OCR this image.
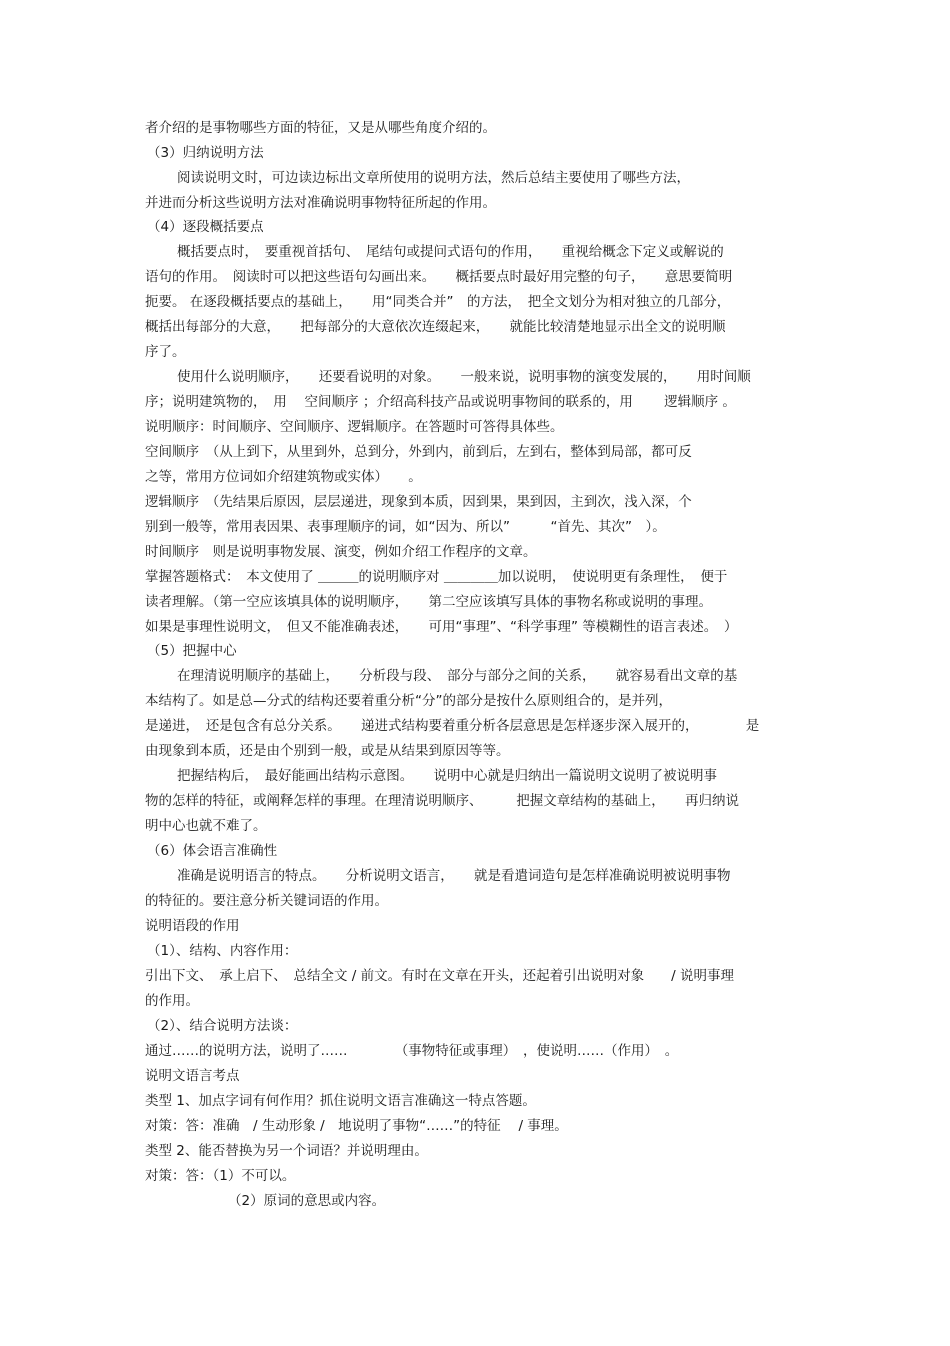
者介绍的是事物哪些方面的特征，又是从哪些角度介绍的。
（3）归纳说明方法
阅读说明文时，可边读边标出文章所使用的说明方法，然后总结主要使用了哪些方法，
并进而分析这些说明方法对准确说明事物特征所起的作用。
（4）逐段概括要点
概括要点时，　要重视首括句、　尾结句或提问式语句的作用，　　重视给概念下定义或解说的
语句的作用。　阅读时可以把这些语句勾画出来。　　概括要点时最好用完整的句子，　　意思要简明
扼要。 在逐段概括要点的基础上，　　用“同类合并”　的方法，　把全文划分为相对独立的几部分，
概括出每部分的大意，　　把每部分的大意依次连缀起来，　　就能比较清楚地显示出全文的说明顺
序了。
使用什么说明顺序，　　还要看说明的对象。　　一般来说，说明事物的演变发展的，　　用时间顺
序；说明建筑物的，　用　 空间顺序 ；介绍高科技产品或说明事物间的联系的，用　　 逻辑顺序 。
说明顺序：时间顺序、空间顺序、逻辑顺序。在答题时可答得具体些。
空间顺序　（从上到下，从里到外，总到分，外到内，前到后，左到右，整体到局部，都可反
之等，常用方位词如介绍建筑物或实体）　　。
逻辑顺序　（先结果后原因，层层递进，现象到本质，因到果，果到因，主到次，浅入深，个
别到一般等，常用表因果、表事理顺序的词，如“因为、所以”　　　“首先、其次”　）。
时间顺序　则是说明事物发展、演变，例如介绍工作程序的文章。
掌握答题格式：　本文使用了 ＿＿＿的说明顺序对 ＿＿＿＿加以说明，　使说明更有条理性，　便于
读者理解。（第一空应该填具体的说明顺序，　　第二空应该填写具体的事物名称或说明的事理。
如果是事理性说明文，　但又不能准确表述，　　可用“事理”、“科学事理” 等模糊性的语言表述。　）
（5）把握中心
在理清说明顺序的基础上，　　分析段与段、　部分与部分之间的关系，　　就容易看出文章的基
本结构了。如是总—分式的结构还要着重分析“分”的部分是按什么原则组合的，是并列，
是递进，　还是包含有总分关系。　　递进式结构要着重分析各层意思是怎样逐步深入展开的，　　　　是
由现象到本质，还是由个别到一般，或是从结果到原因等等。
把握结构后，　最好能画出结构示意图。　　说明中心就是归纳出一篇说明文说明了被说明事
物的怎样的特征，或阐释怎样的事理。在理清说明顺序、　　　把握文章结构的基础上，　　再归纳说
明中心也就不难了。
（6）体会语言准确性
准确是说明语言的特点。　　分析说明文语言，　　就是看遣词造句是怎样准确说明被说明事物
的特征的。要注意分析关键词语的作用。
说明语段的作用
（1）、结构、内容作用：
引出下文、　承上启下、　总结全文 / 前文。有时在文章在开头，还起着引出说明对象　　/ 说明事理
的作用。
（2）、结合说明方法谈：
通过……的说明方法，说明了……　　　　（事物特征或事理）　，使说明……（作用）　。
说明文语言考点
类型 1、加点字词有何作用？抓住说明文语言准确这一特点答题。
对策：答：准确　/ 生动形象 /　地说明了事物“……”的特征　 / 事理。
类型 2、能否替换为另一个词语？并说明理由。
对策：答：（1）不可以。
（2）原词的意思或内容。
